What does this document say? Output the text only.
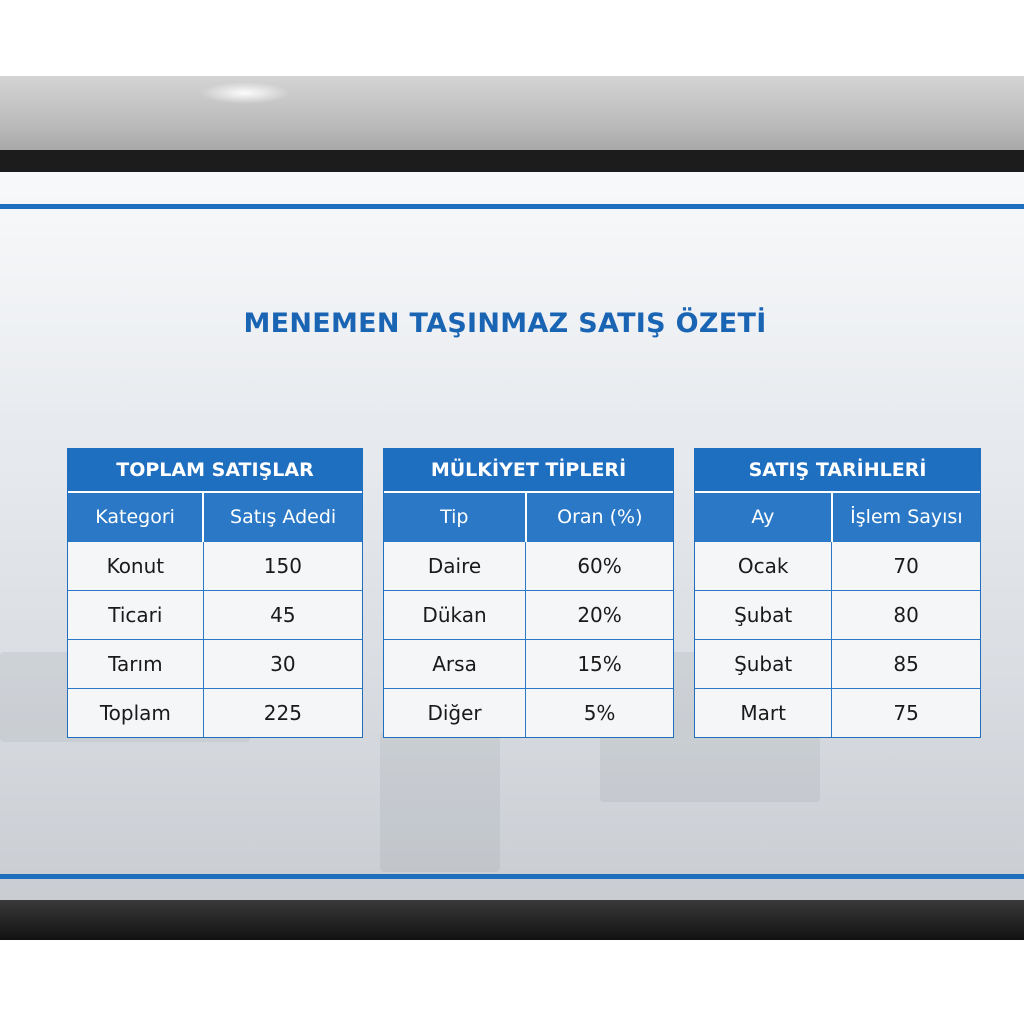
MENEMEN TAŞINMAZ SATIŞ ÖZETİ
TOPLAM SATIŞLAR
Kategori	Satış Adedi
Konut	150
Ticari	45
Tarım	30
Toplam	225
MÜLKİYET TİPLERİ
Tip	Oran (%)
Daire	60%
Dükan	20%
Arsa	15%
Diğer	5%
SATIŞ TARİHLERİ
Ay	İşlem Sayısı
Ocak	70
Şubat	80
Şubat	85
Mart	75
